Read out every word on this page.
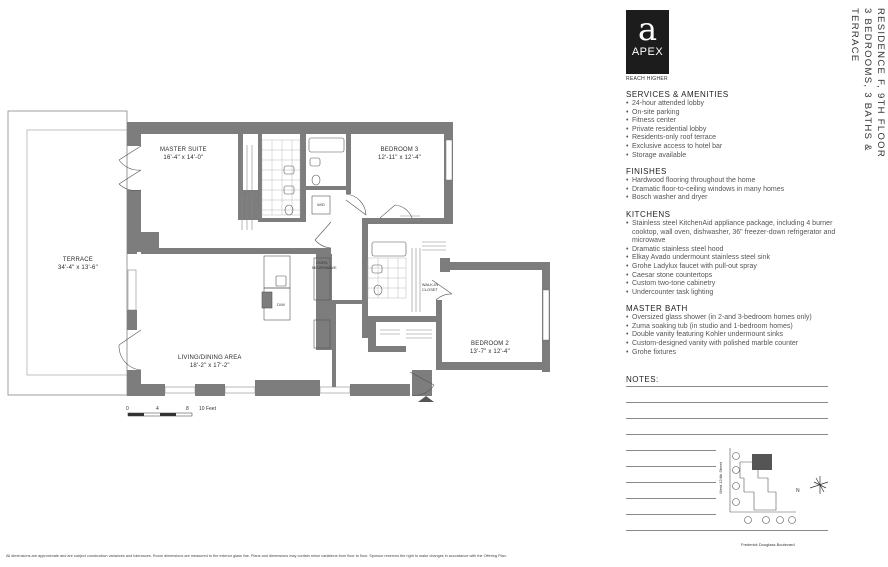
MASTER SUITE
16'-4" x 14'-0"
BEDROOM 3
12'-11" x 12'-4"
TERRACE
34'-4" x 13'-6"
LIVING/DINING AREA
18'-2" x 17'-2"
BEDROOM 2
13'-7" x 12'-4"
W/D
D/W
OVEN, MICROWAVE
WALK-IN CLOSET
0	4	8 10 Feet
a
APEX
REACH HIGHER
SERVICES & AMENITIES
• 24-hour attended lobby
• On-site parking
• Fitness center
• Private residential lobby
• Residents-only roof terrace
• Exclusive access to hotel bar
• Storage available
FINISHES
• Hardwood flooring throughout the home
• Dramatic floor-to-ceiling windows in many homes
• Bosch washer and dryer
KITCHENS
• Stainless steel KitchenAid appliance package, including 4 burner cooktop, wall oven, dishwasher, 36" freezer-down refrigerator and microwave
• Dramatic stainless steel hood
• Elkay Avado undermount stainless steel sink
• Grohe Ladylux faucet with pull-out spray
• Caesar stone countertops
• Custom two-tone cabinetry
• Undercounter task lighting
MASTER BATH
• Oversized glass shower (in 2-and 3-bedroom homes only)
• Zuma soaking tub (in studio and 1-bedroom homes)
• Double vanity featuring Kohler undermount sinks
• Custom-designed vanity with polished marble counter
• Grohe fixtures
NOTES:
RESIDENCE F, 9TH FLOOR
3 BEDROOMS, 3 BATHS & TERRACE
West 124th Street
Frederick Douglass Boulevard
N
All dimensions are approximate and are subject construction variances and tolerances. Room dimensions are measured to the exterior glass line. Plans and dimensions may contain minor variations from floor to floor. Sponsor reserves the right to make changes in accordance with the Offering Plan.
